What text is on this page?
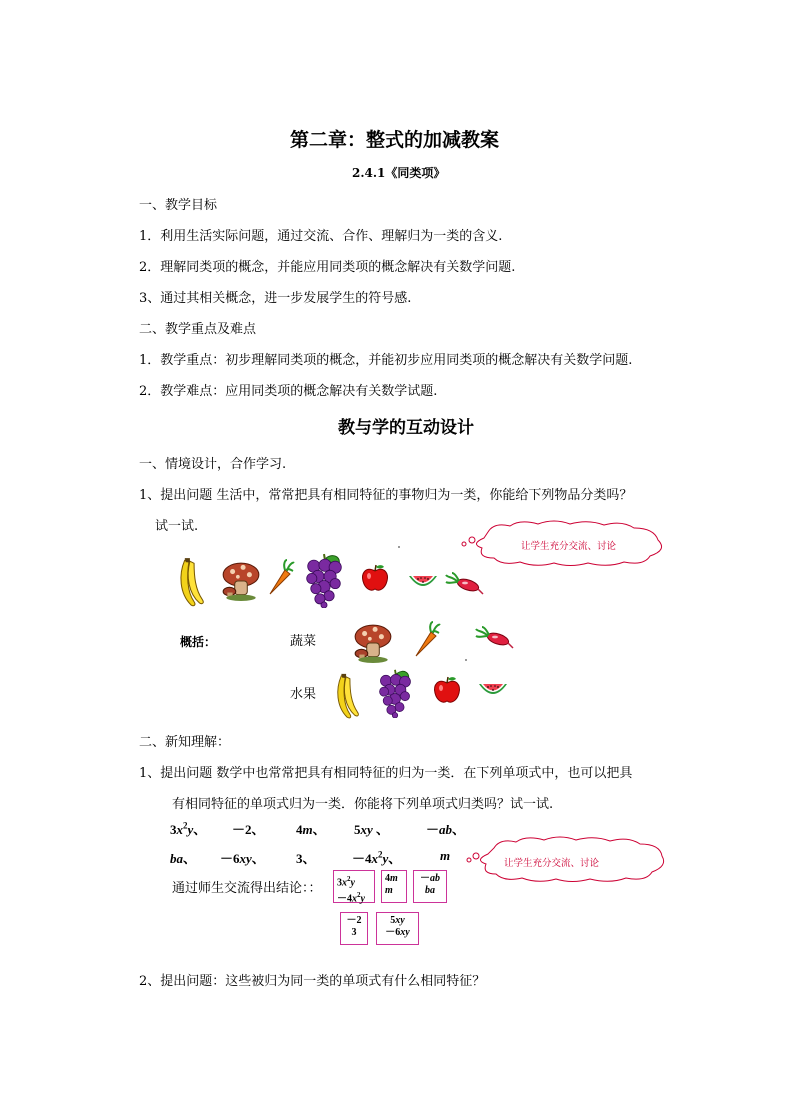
第二章：整式的加减教案
2.4.1《同类项》
一、教学目标
1．利用生活实际问题，通过交流、合作、理解归为一类的含义.
2．理解同类项的概念，并能应用同类项的概念解决有关数学问题.
3、通过其相关概念，进一步发展学生的符号感.
二、教学重点及难点
1．教学重点：初步理解同类项的概念，并能初步应用同类项的概念解决有关数学问题.
2．教学难点：应用同类项的概念解决有关数学试题.
教与学的互动设计
一、情境设计，合作学习.
1、提出问题 生活中，常常把具有相同特征的事物归为一类，你能给下列物品分类吗？
试一试.
让学生充分交流、讨论
概括：	蔬菜
水果
二、新知理解：
1、提出问题 数学中也常常把具有相同特征的归为一类．在下列单项式中，也可以把具
有相同特征的单项式归为一类．你能将下列单项式归类吗？试一试.
$3x^2y$、 －2、 4m、 5xy 、	－ab、
ba、 －6xy、 3、	$-4x^2y$、	m
让学生充分交流、讨论
通过师生交流得出结论：：	$3x^2y$
$-4x^2y$
4m
m
－ab
ba
－2
3
5xy
－6xy
2、提出问题：这些被归为同一类的单项式有什么相同特征？
